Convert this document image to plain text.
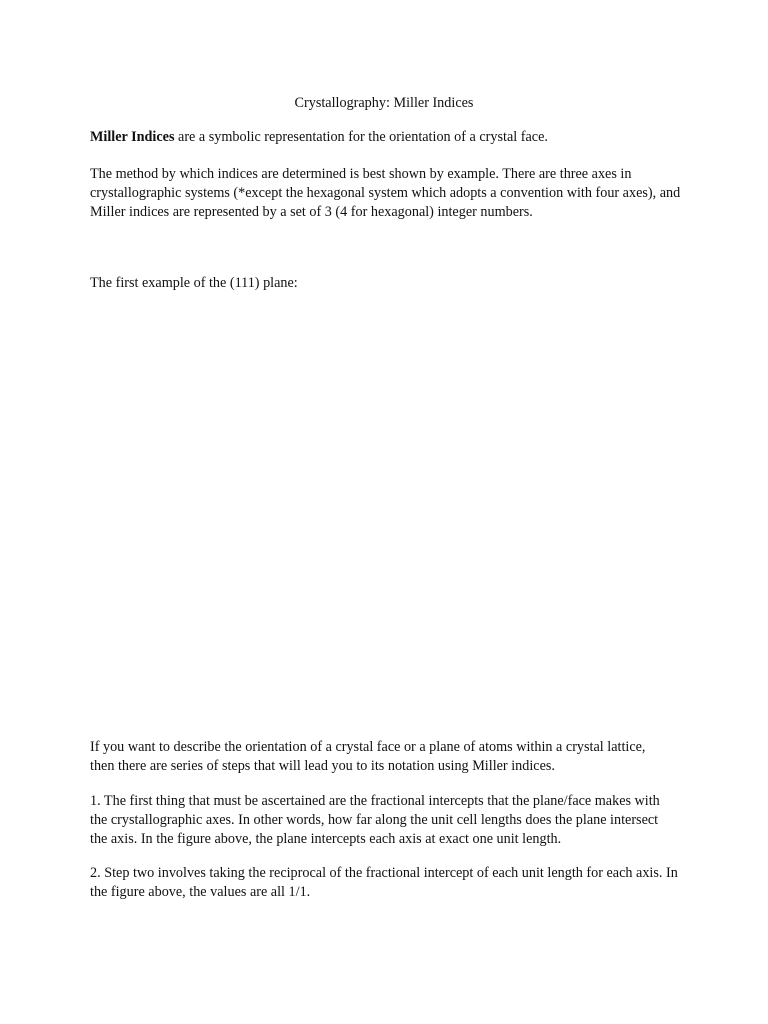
Crystallography: Miller Indices

Miller Indices are a symbolic representation for the orientation of a crystal face.

The method by which indices are determined is best shown by example. There are three axes in crystallographic systems (*except the hexagonal system which adopts a convention with four axes), and Miller indices are represented by a set of 3 (4 for hexagonal) integer numbers.

The first example of the (111) plane:

If you want to describe the orientation of a crystal face or a plane of atoms within a crystal lattice, then there are series of steps that will lead you to its notation using Miller indices.

1. The first thing that must be ascertained are the fractional intercepts that the plane/face makes with the crystallographic axes. In other words, how far along the unit cell lengths does the plane intersect the axis. In the figure above, the plane intercepts each axis at exact one unit length.

2. Step two involves taking the reciprocal of the fractional intercept of each unit length for each axis. In the figure above, the values are all 1/1.
